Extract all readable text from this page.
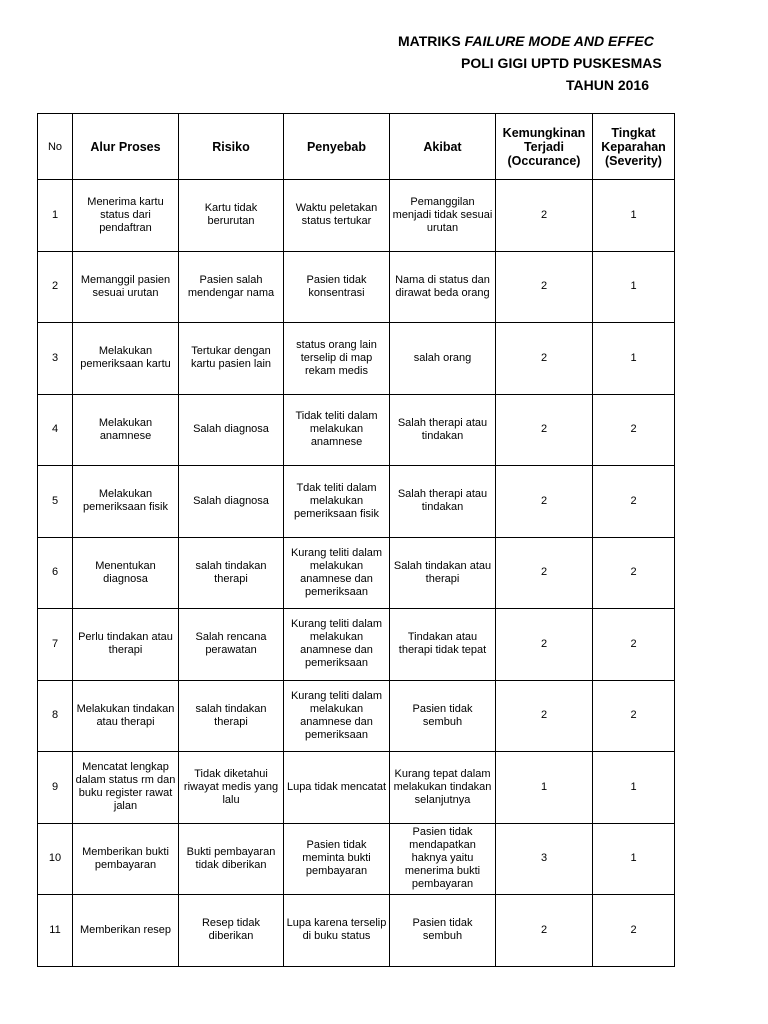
MATRIKS FAILURE MODE AND EFFEC
POLI GIGI UPTD PUSKESMAS
TAHUN 2016
No	Alur Proses	Risiko	Penyebab	Akibat	Kemungkinan Terjadi (Occurance)	Tingkat Keparahan (Severity)
1	Menerima kartu status dari pendaftran	Kartu tidak berurutan	Waktu peletakan status tertukar	Pemanggilan menjadi tidak sesuai urutan	2	1
2	Memanggil pasien sesuai urutan	Pasien salah mendengar nama	Pasien tidak konsentrasi	Nama di status dan dirawat beda orang	2	1
3	Melakukan pemeriksaan kartu	Tertukar dengan kartu pasien lain	status orang lain terselip di map rekam medis	salah orang	2	1
4	Melakukan anamnese	Salah diagnosa	Tidak teliti dalam melakukan anamnese	Salah therapi atau tindakan	2	2
5	Melakukan pemeriksaan fisik	Salah diagnosa	Tdak teliti dalam melakukan pemeriksaan fisik	Salah therapi atau tindakan	2	2
6	Menentukan diagnosa	salah tindakan therapi	Kurang teliti dalam melakukan anamnese dan pemeriksaan	Salah tindakan atau therapi	2	2
7	Perlu tindakan atau therapi	Salah rencana perawatan	Kurang teliti dalam melakukan anamnese dan pemeriksaan	Tindakan atau therapi tidak tepat	2	2
8	Melakukan tindakan atau therapi	salah tindakan therapi	Kurang teliti dalam melakukan anamnese dan pemeriksaan	Pasien tidak sembuh	2	2
9	Mencatat lengkap dalam status rm dan buku register rawat jalan	Tidak diketahui riwayat medis yang lalu	Lupa tidak mencatat	Kurang tepat dalam melakukan tindakan selanjutnya	1	1
10	Memberikan bukti pembayaran	Bukti pembayaran tidak diberikan	Pasien tidak meminta bukti pembayaran	Pasien tidak mendapatkan haknya yaitu menerima bukti pembayaran	3	1
11	Memberikan resep	Resep tidak diberikan	Lupa karena terselip di buku status	Pasien tidak sembuh	2	2
